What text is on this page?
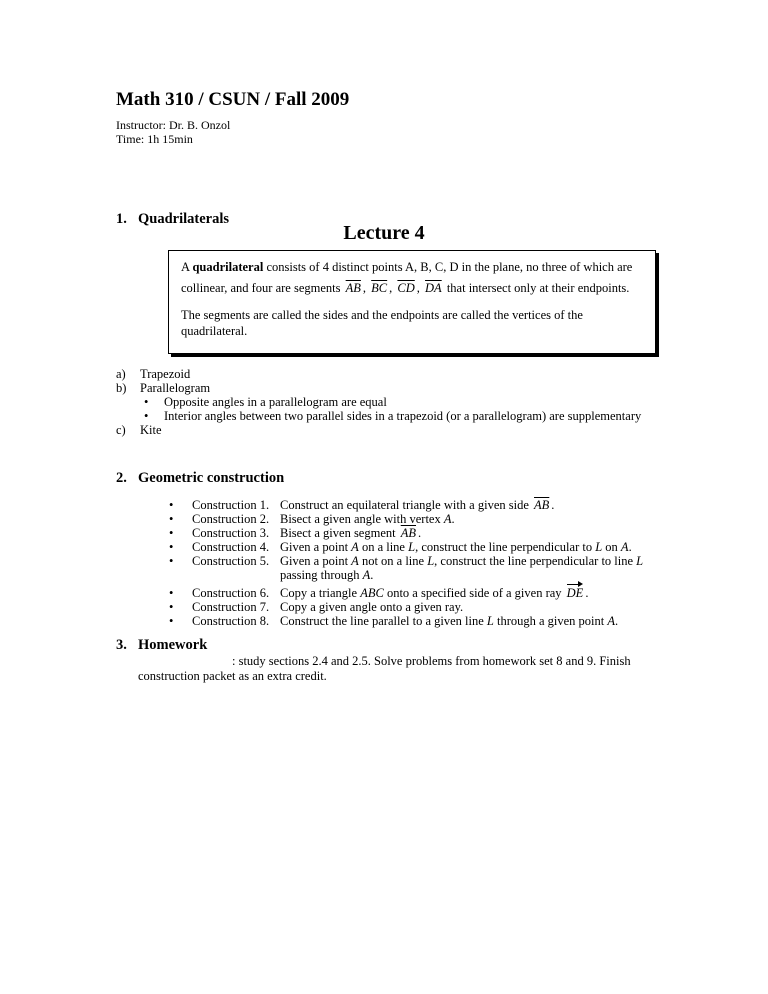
Math 310 / CSUN / Fall 2009
Instructor: Dr. B. Onzol
Time: 1h 15min
Lecture 4
1. Quadrilaterals

A quadrilateral consists of 4 distinct points A, B, C, D in the plane, no three of which are collinear, and four are segments $\overline{AB}$ , $\overline{BC}$ , $\overline{CD}$ , $\overline{DA}$ that intersect only at their endpoints.

The segments are called the sides and the endpoints are called the vertices of the quadrilateral.

a) Trapezoid
b) Parallelogram
• Opposite angles in a parallelogram are equal
• Interior angles between two parallel sides in a trapezoid (or a parallelogram) are supplementary
c) Kite
2. Geometric construction
• Construction 1. Construct an equilateral triangle with a given side $\overline{AB}$ .
• Construction 2. Bisect a given angle with vertex A.
• Construction 3. Bisect a given segment $\overline{AB}$ .
• Construction 4. Given a point A on a line L, construct the line perpendicular to L on A.
• Construction 5. Given a point A not on a line L, construct the line perpendicular to line L passing through A.
• Construction 6. Copy a triangle ABC onto a specified side of a given ray DE .
• Construction 7. Copy a given angle onto a given ray.
• Construction 8. Construct the line parallel to a given line L through a given point A.
3. Homework
: study sections 2.4 and 2.5. Solve problems from homework set 8 and 9. Finish construction packet as an extra credit.
